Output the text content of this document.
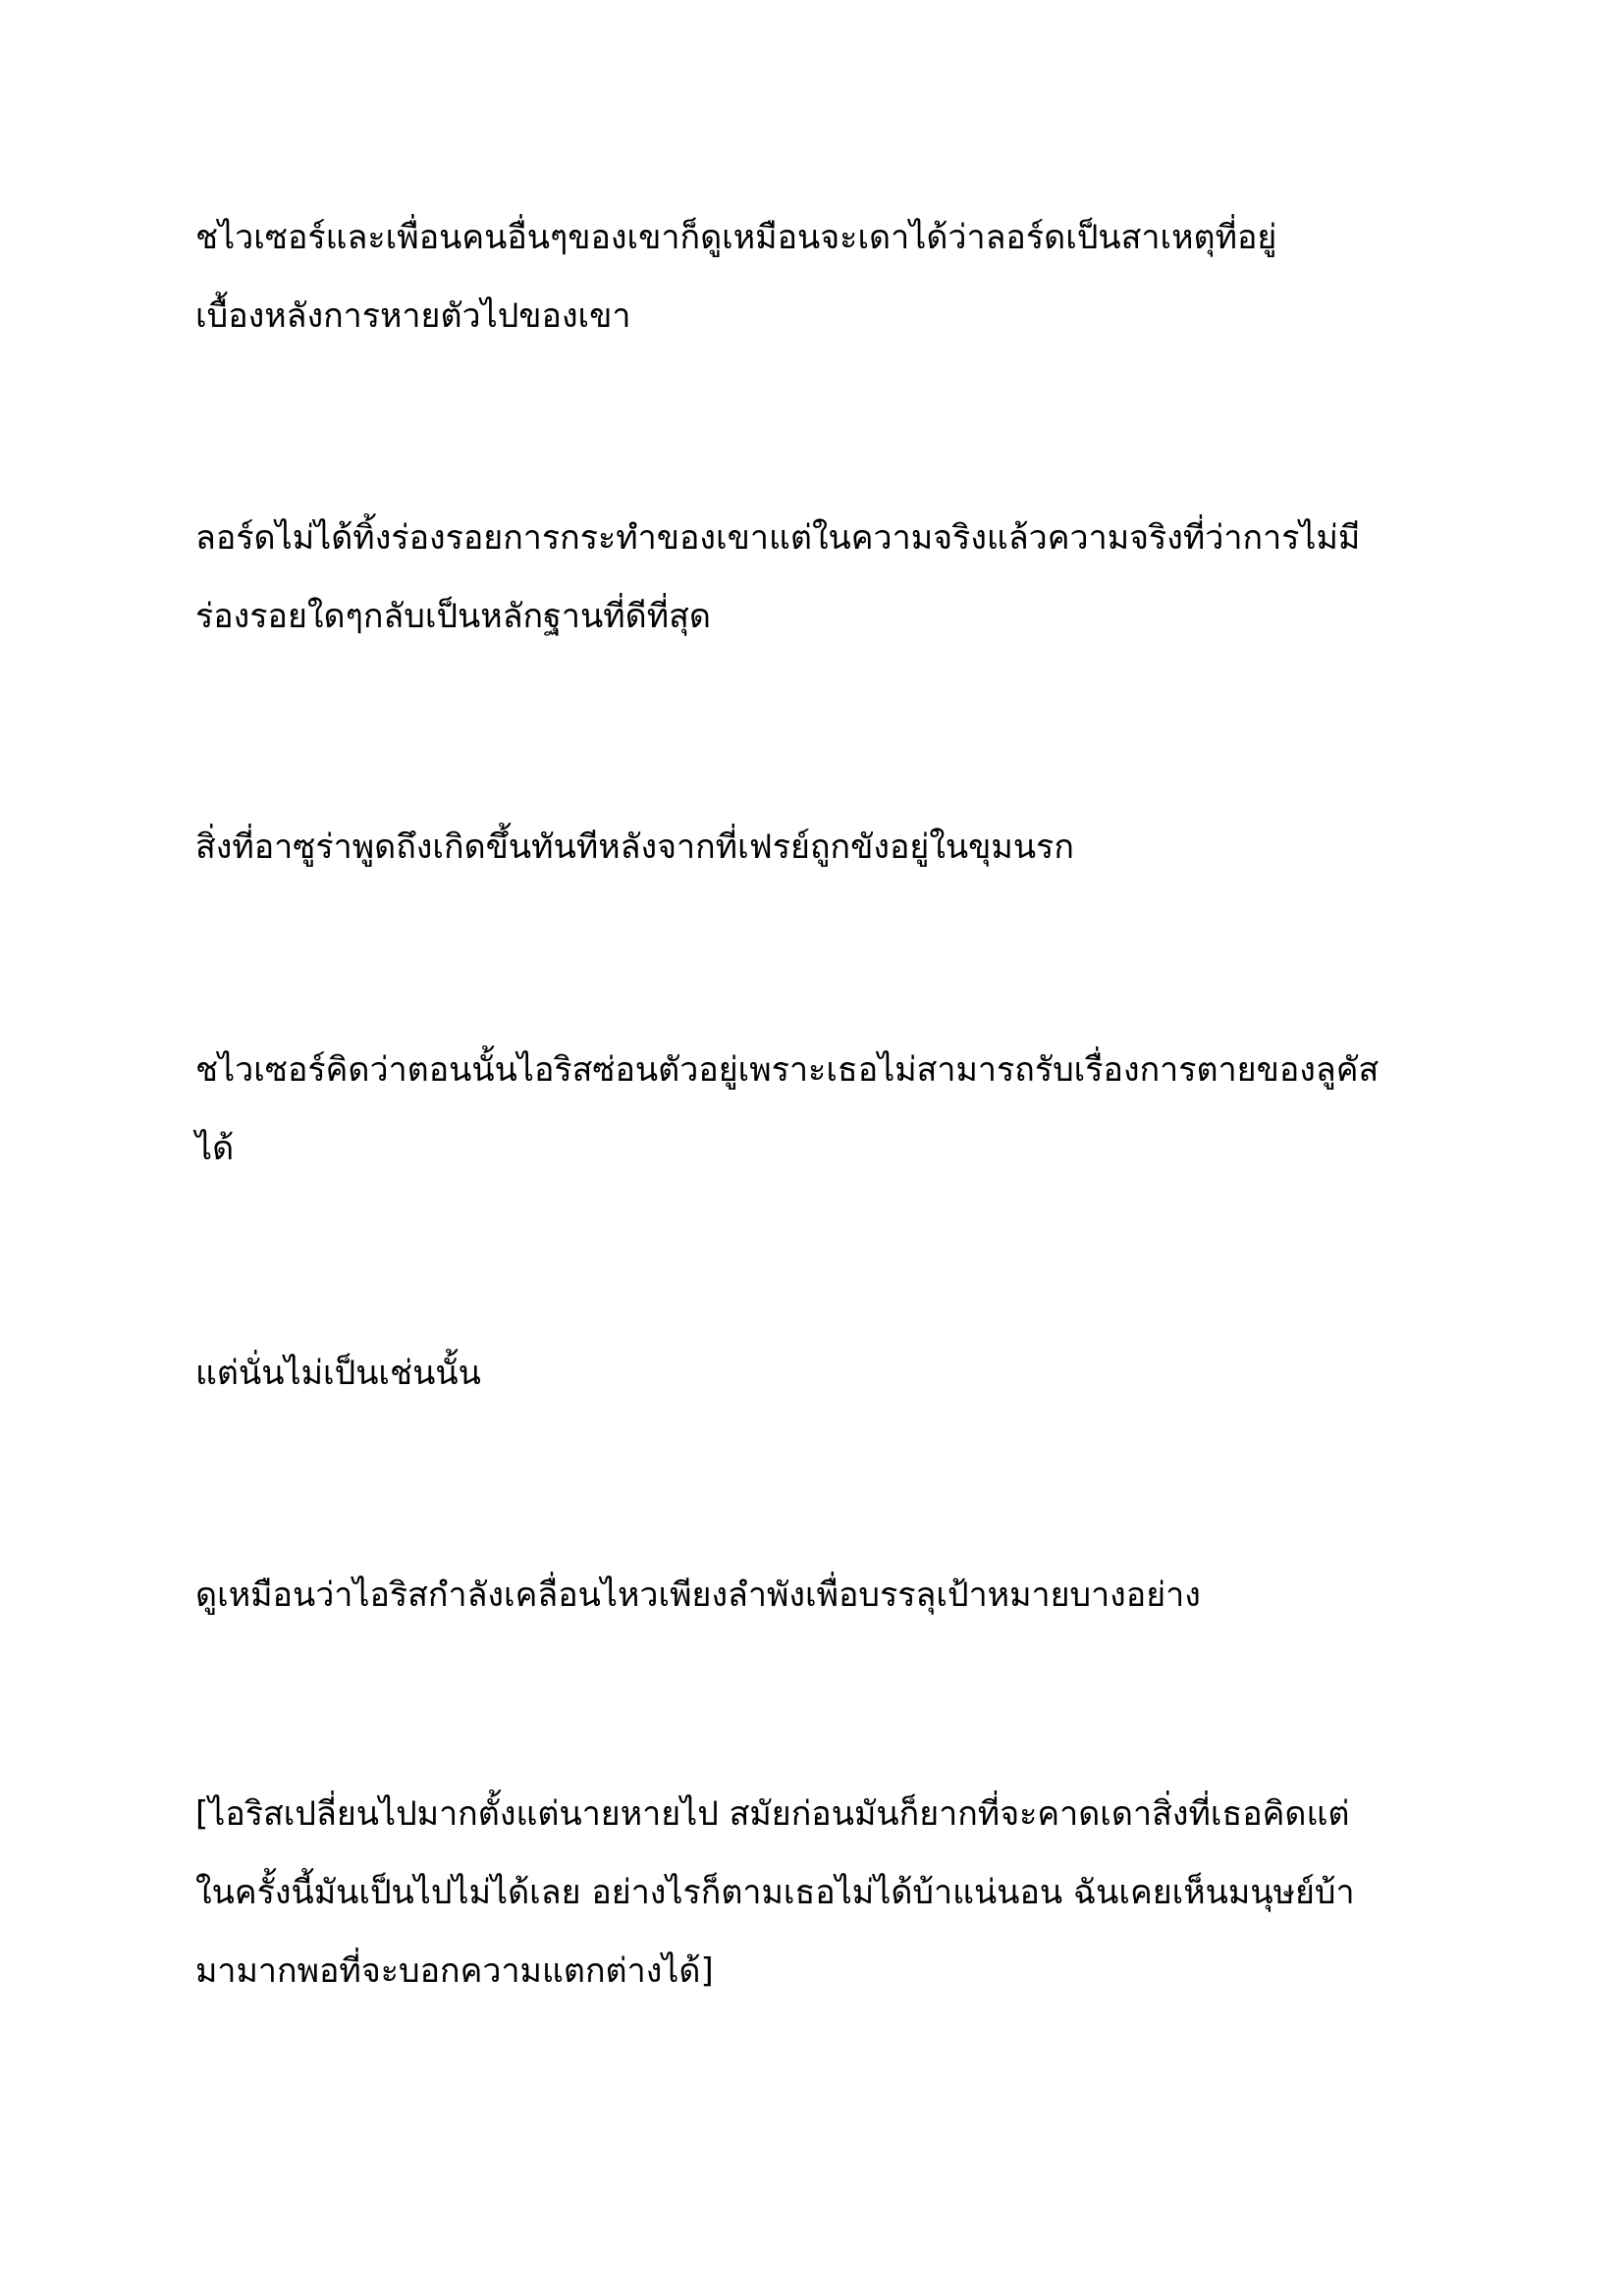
ชไวเซอร์และเพื่อนคนอื่นๆของเขาก็ดูเหมือนจะเดาได้ว่าลอร์ดเป็นสาเหตุที่อยู่
เบื้องหลังการหายตัวไปของเขา

ลอร์ดไม่ได้ทิ้งร่องรอยการกระทำของเขาแต่ในความจริงแล้วความจริงที่ว่าการไม่มี
ร่องรอยใดๆกลับเป็นหลักฐานที่ดีที่สุด

สิ่งที่อาซูร่าพูดถึงเกิดขึ้นทันทีหลังจากที่เฟรย์ถูกขังอยู่ในขุมนรก

ชไวเซอร์คิดว่าตอนนั้นไอริสซ่อนตัวอยู่เพราะเธอไม่สามารถรับเรื่องการตายของลูคัส
ได้

แต่นั่นไม่เป็นเช่นนั้น

ดูเหมือนว่าไอริสกำลังเคลื่อนไหวเพียงลำพังเพื่อบรรลุเป้าหมายบางอย่าง

[ไอริสเปลี่ยนไปมากตั้งแต่นายหายไป สมัยก่อนมันก็ยากที่จะคาดเดาสิ่งที่เธอคิดแต่
ในครั้งนี้มันเป็นไปไม่ได้เลย อย่างไรก็ตามเธอไม่ได้บ้าแน่นอน ฉันเคยเห็นมนุษย์บ้า
มามากพอที่จะบอกความแตกต่างได้]
